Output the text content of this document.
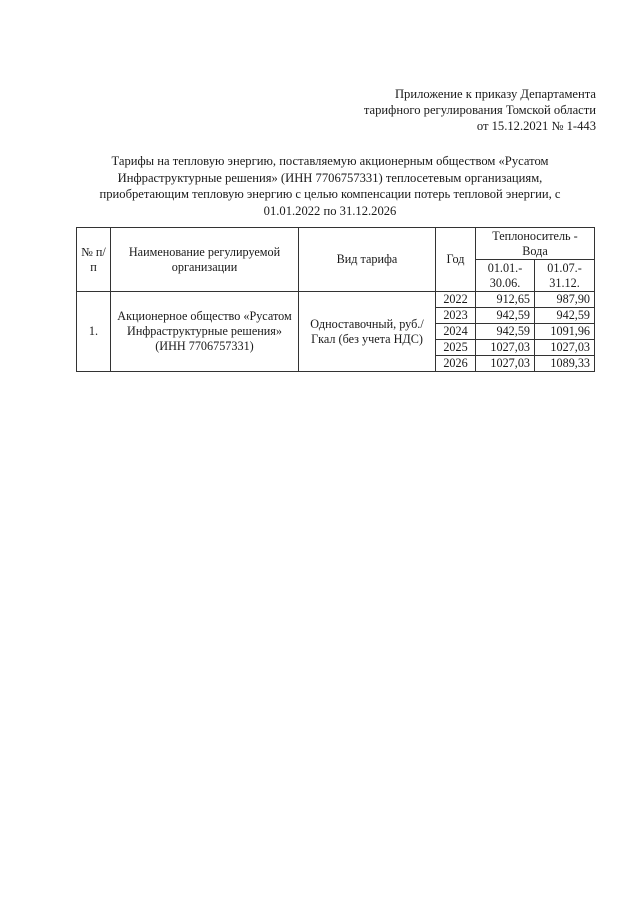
Приложение к приказу Департамента
тарифного регулирования Томской области
от 15.12.2021 № 1-443
Тарифы на тепловую энергию, поставляемую акционерным обществом «Русатом
Инфраструктурные решения» (ИНН 7706757331) теплосетевым организациям,
приобретающим тепловую энергию с целью компенсации потерь тепловой энергии, с
01.01.2022 по 31.12.2026
№ п/п	Наименование регулируемой организации	Вид тарифа	Год	Теплоноситель - Вода	
				01.01.- 30.06.	01.07.- 31.12.
1.	Акционерное общество «Русатом Инфраструктурные решения» (ИНН 7706757331)	Одноставочный, руб./Гкал (без учета НДС)	2022	912,65	987,90
			2023	942,59	942,59
			2024	942,59	1091,96
			2025	1027,03	1027,03
			2026	1027,03	1089,33
